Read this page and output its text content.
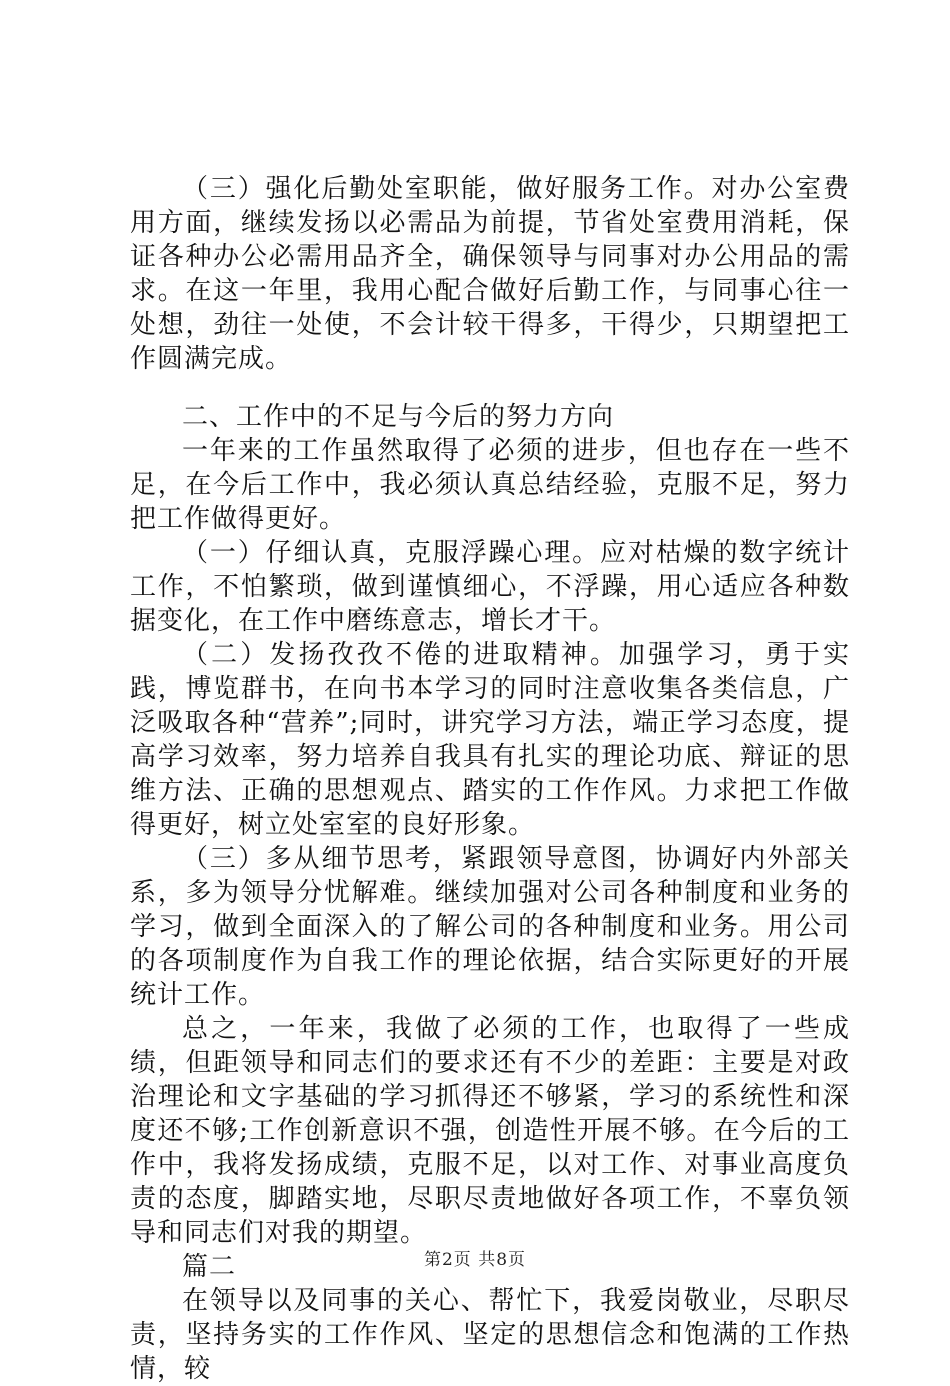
（三）强化后勤处室职能，做好服务工作。对办公室费用方面，继续发扬以必需品为前提，节省处室费用消耗，保证各种办公必需用品齐全，确保领导与同事对办公用品的需求。在这一年里，我用心配合做好后勤工作，与同事心往一处想，劲往一处使，不会计较干得多，干得少，只期望把工作圆满完成。

二、工作中的不足与今后的努力方向

一年来的工作虽然取得了必须的进步，但也存在一些不足，在今后工作中，我必须认真总结经验，克服不足，努力把工作做得更好。

（一）仔细认真，克服浮躁心理。应对枯燥的数字统计工作，不怕繁琐，做到谨慎细心，不浮躁，用心适应各种数据变化，在工作中磨练意志，增长才干。

（二）发扬孜孜不倦的进取精神。加强学习，勇于实践，博览群书，在向书本学习的同时注意收集各类信息，广泛吸取各种“营养”;同时，讲究学习方法，端正学习态度，提高学习效率，努力培养自我具有扎实的理论功底、辩证的思维方法、正确的思想观点、踏实的工作作风。力求把工作做得更好，树立处室室的良好形象。

（三）多从细节思考，紧跟领导意图，协调好内外部关系，多为领导分忧解难。继续加强对公司各种制度和业务的学习，做到全面深入的了解公司的各种制度和业务。用公司的各项制度作为自我工作的理论依据，结合实际更好的开展统计工作。

总之，一年来，我做了必须的工作，也取得了一些成绩，但距领导和同志们的要求还有不少的差距：主要是对政治理论和文字基础的学习抓得还不够紧，学习的系统性和深度还不够;工作创新意识不强，创造性开展不够。在今后的工作中，我将发扬成绩，克服不足，以对工作、对事业高度负责的态度，脚踏实地，尽职尽责地做好各项工作，不辜负领导和同志们对我的期望。

篇二

在领导以及同事的关心、帮忙下，我爱岗敬业，尽职尽责，坚持务实的工作作风、坚定的思想信念和饱满的工作热情，较

第2页 共8页
